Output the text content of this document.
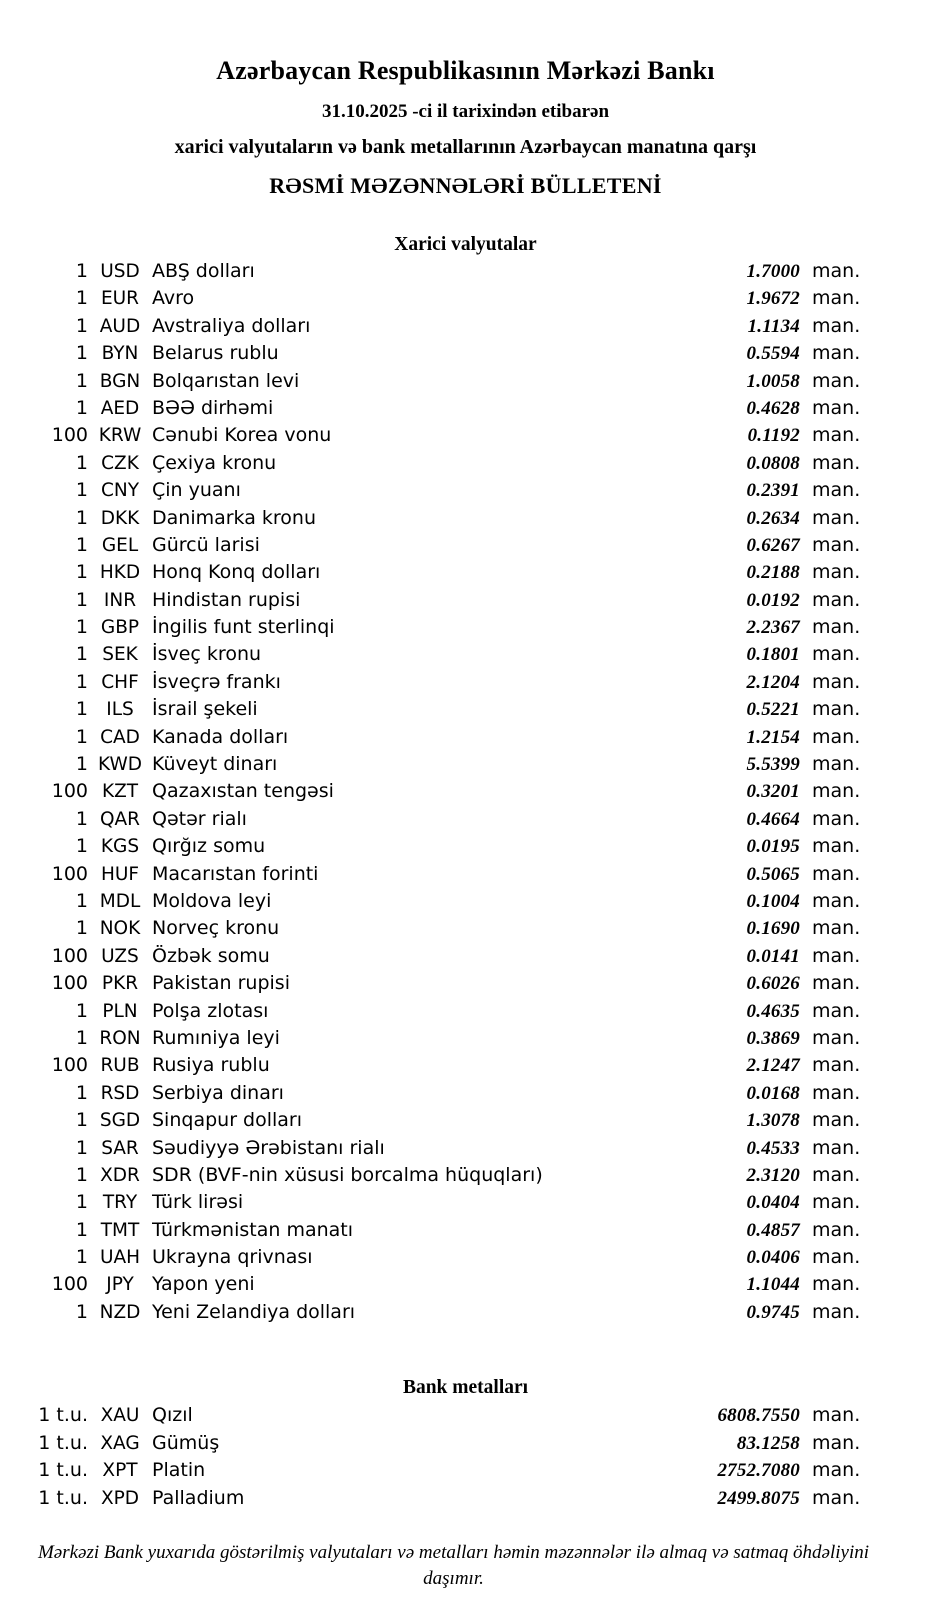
Azərbaycan Respublikasının Mərkəzi Bankı
31.10.2025 -ci il tarixindən etibarən
xarici valyutaların və bank metallarının Azərbaycan manatına qarşı
RƏSMİ MƏZƏNNƏLƏRİ BÜLLETENİ
Xarici valyutalar
1 USD ABŞ dolları	1.7000 man.
1 EUR Avro	1.9672 man.
1 AUD Avstraliya dolları	1.1134 man.
1 BYN Belarus rublu	0.5594 man.
1 BGN Bolqarıstan levi	1.0058 man.
1 AED BƏƏ dirhəmi	0.4628 man.
100 KRW Cənubi Korea vonu	0.1192 man.
1 CZK Çexiya kronu	0.0808 man.
1 CNY Çin yuanı	0.2391 man.
1 DKK Danimarka kronu	0.2634 man.
1 GEL Gürcü larisi	0.6267 man.
1 HKD Honq Konq dolları	0.2188 man.
1 INR Hindistan rupisi	0.0192 man.
1 GBP İngilis funt sterlinqi	2.2367 man.
1 SEK İsveç kronu	0.1801 man.
1 CHF İsveçrə frankı	2.1204 man.
1 ILS İsrail şekeli	0.5221 man.
1 CAD Kanada dolları	1.2154 man.
1 KWD Küveyt dinarı	5.5399 man.
100 KZT Qazaxıstan tengəsi	0.3201 man.
1 QAR Qətər rialı	0.4664 man.
1 KGS Qırğız somu	0.0195 man.
100 HUF Macarıstan forinti	0.5065 man.
1 MDL Moldova leyi	0.1004 man.
1 NOK Norveç kronu	0.1690 man.
100 UZS Özbək somu	0.0141 man.
100 PKR Pakistan rupisi	0.6026 man.
1 PLN Polşa zlotası	0.4635 man.
1 RON Rumıniya leyi	0.3869 man.
100 RUB Rusiya rublu	2.1247 man.
1 RSD Serbiya dinarı	0.0168 man.
1 SGD Sinqapur dolları	1.3078 man.
1 SAR Səudiyyə Ərəbistanı rialı	0.4533 man.
1 XDR SDR (BVF-nin xüsusi borcalma hüquqları)	2.3120 man.
1 TRY Türk lirəsi	0.0404 man.
1 TMT Türkmənistan manatı	0.4857 man.
1 UAH Ukrayna qrivnası	0.0406 man.
100 JPY Yapon yeni	1.1044 man.
1 NZD Yeni Zelandiya dolları	0.9745 man.
Bank metalları
1 t.u. XAU Qızıl	6808.7550 man.
1 t.u. XAG Gümüş	83.1258 man.
1 t.u. XPT Platin	2752.7080 man.
1 t.u. XPD Palladium	2499.8075 man.
Mərkəzi Bank yuxarıda göstərilmiş valyutaları və metalları həmin məzənnələr ilə almaq və satmaq öhdəliyini daşımır.
